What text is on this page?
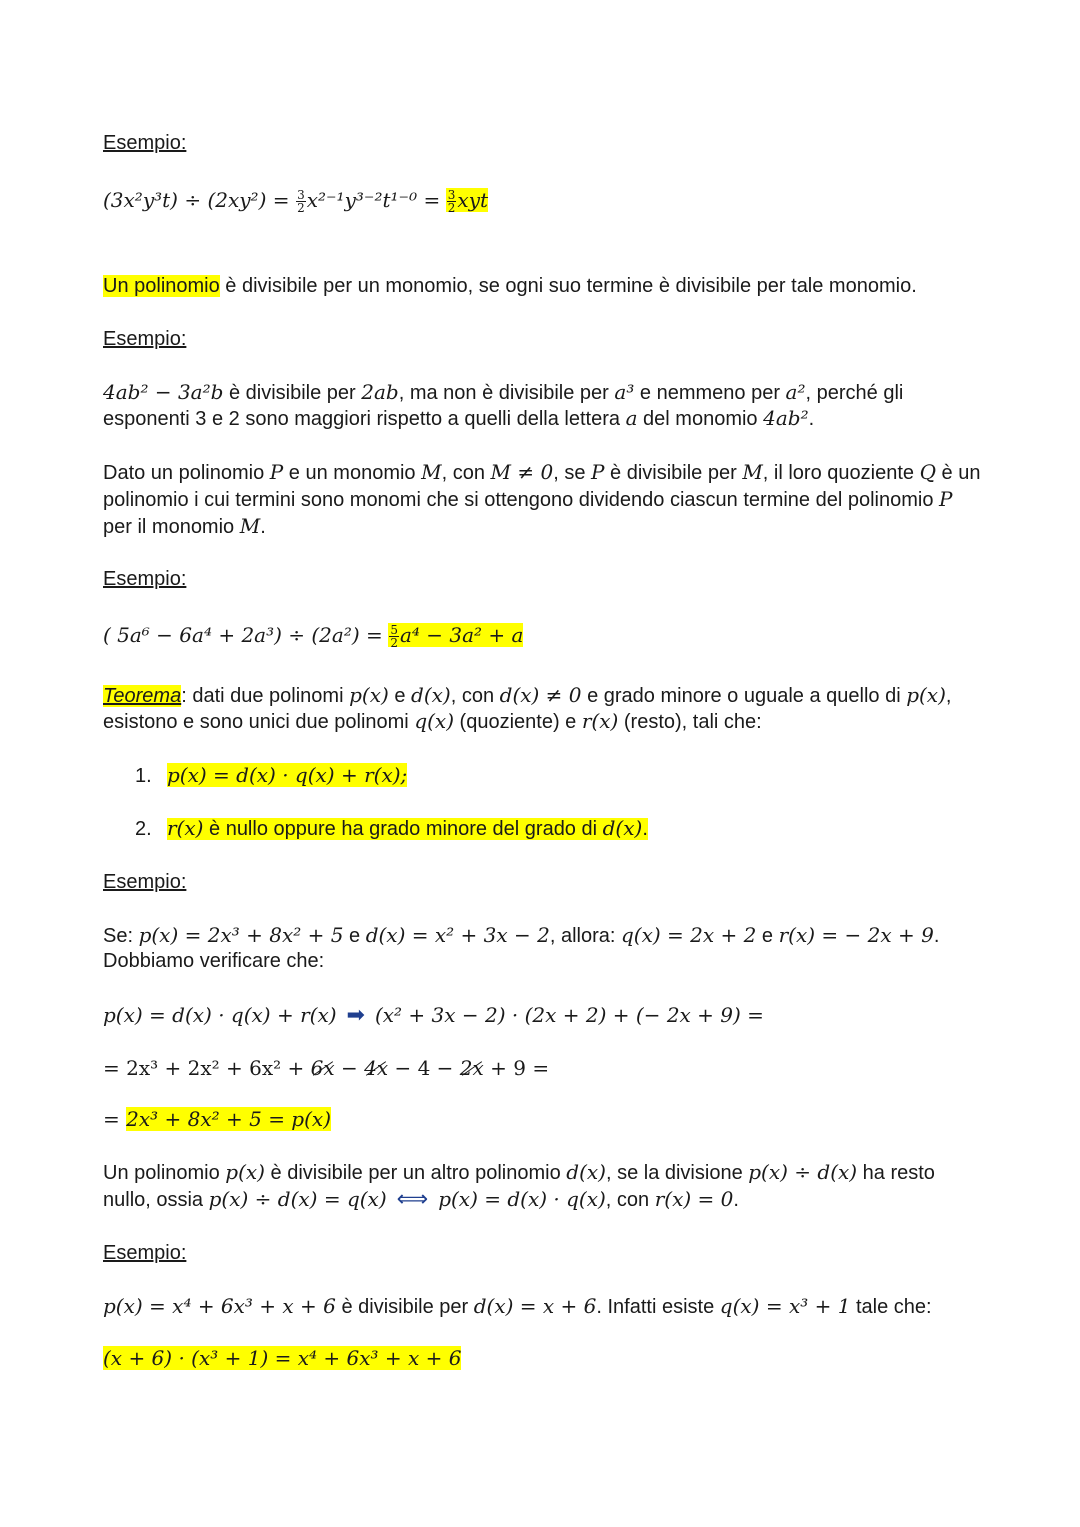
Esempio:
$(3x^2y^3t) \div (2xy^2) = \frac{3}{2} x^{2-1}y^{3-2}t^{1-0} = \frac{3}{2}$ xyt
Un polinomio è divisibile per un monomio, se ogni suo termine è divisibile per tale monomio.
Esempio:
4ab² − 3a²b è divisibile per 2ab, ma non è divisibile per a³ e nemmeno per a², perché gli
esponenti 3 e 2 sono maggiori rispetto a quelli della lettera a del monomio 4ab².
Dato un polinomio P e un monomio M, con M ≠ 0, se P è divisibile per M, il loro quoziente Q è un
polinomio i cui termini sono monomi che si ottengono dividendo ciascun termine del polinomio P
per il monomio M.
Esempio:
( $5a^6 - 6a^4 + 2a^3) \div (2a^2) = \frac{5}{2} a^4 - 3a^2 + a$
Teorema: dati due polinomi p(x) e d(x), con d(x) ≠ 0 e grado minore o uguale a quello di p(x),
esistono e sono unici due polinomi q(x) (quoziente) e r(x) (resto), tali che:
1. p(x) = d(x) · q(x) + r(x);
2. r(x) è nullo oppure ha grado minore del grado di d(x).
Esempio:
Se: p(x) = 2x³ + 8x² + 5 e d(x) = x² + 3x − 2, allora: q(x) = 2x + 2 e r(x) = − 2x + 9.
Dobbiamo verificare che:
p(x) = d(x) · q(x) + r(x) ➡ (x² + 3x − 2) · (2x + 2) + (− 2x + 9) =
= 2x³ + 2x² + 6x² + 6x − 4x − 4 − 2x + 9 =
= 2x³ + 8x² + 5 = p(x)
Un polinomio p(x) è divisibile per un altro polinomio d(x), se la divisione p(x) ÷ d(x) ha resto
nullo, ossia p(x) ÷ d(x) = q(x) ⟺ p(x) = d(x) · q(x), con r(x) = 0.
Esempio:
p(x) = x⁴ + 6x³ + x + 6 è divisibile per d(x) = x + 6. Infatti esiste q(x) = x³ + 1 tale che:
(x + 6) · (x³ + 1) = x⁴ + 6x³ + x + 6
